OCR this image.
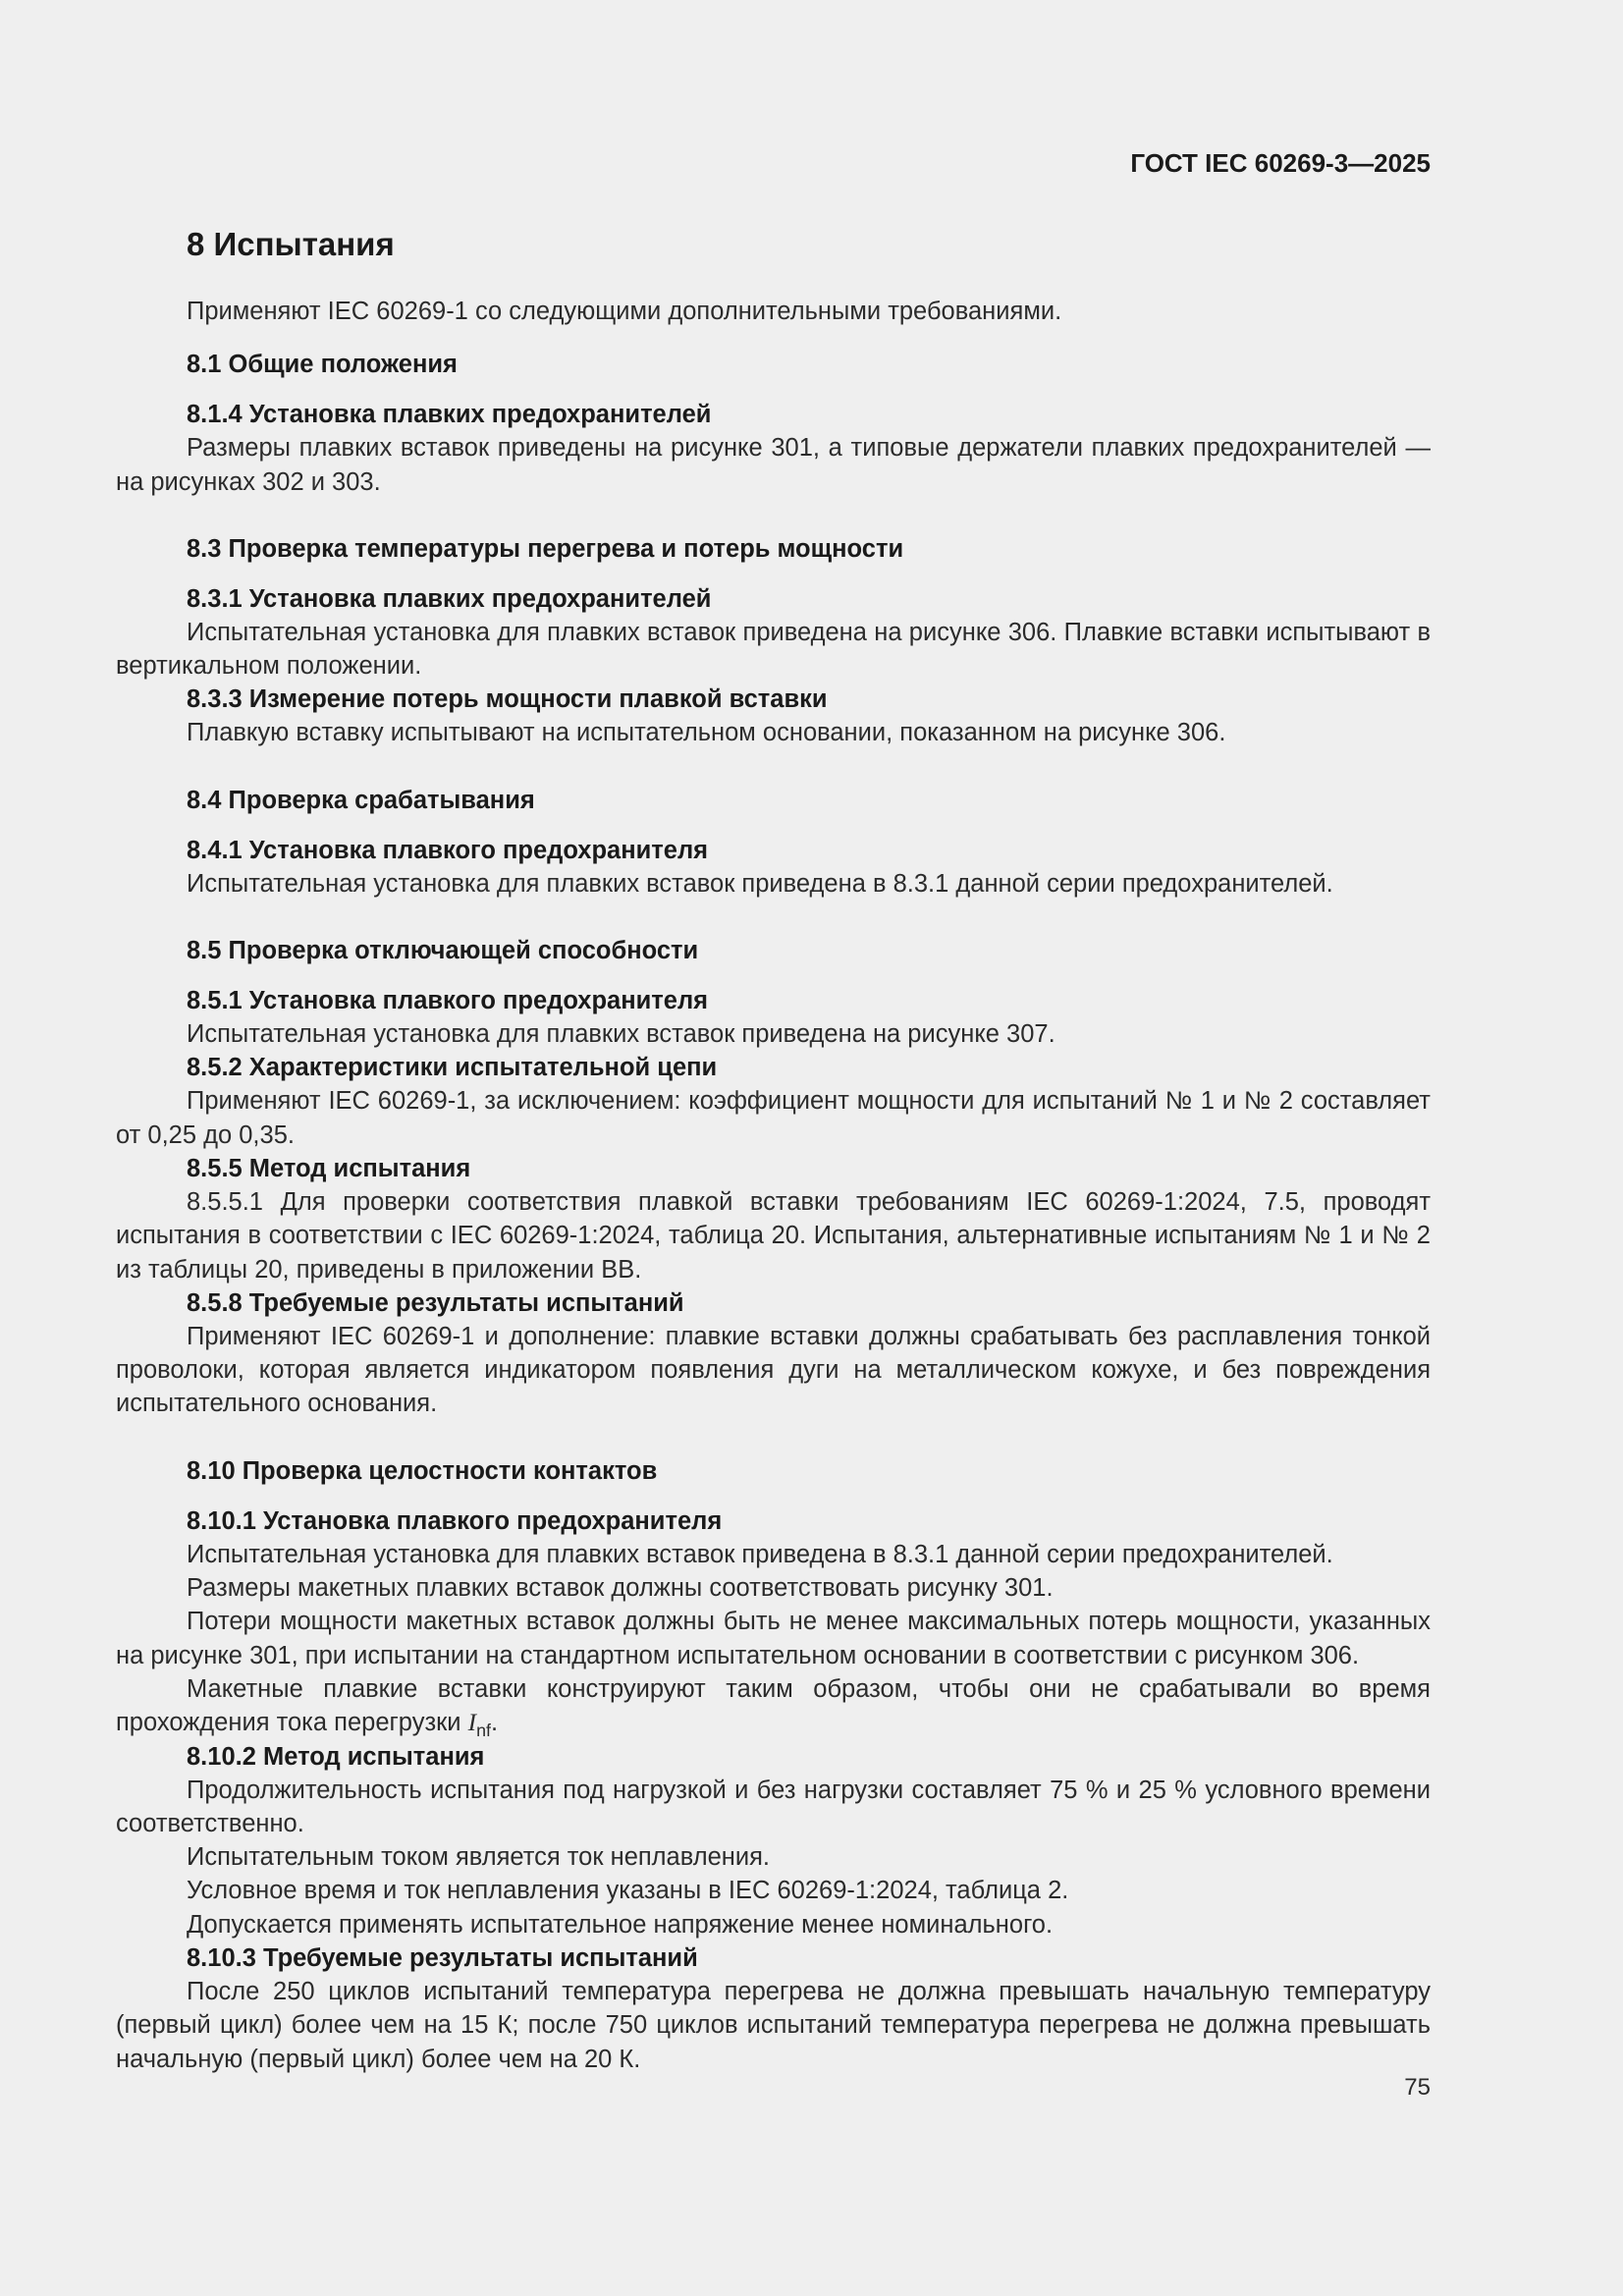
ГОСТ IEC 60269-3—2025
8 Испытания

Применяют IEC 60269-1 со следующими дополнительными требованиями.

8.1 Общие положения
8.1.4 Установка плавких предохранителей

Размеры плавких вставок приведены на рисунке 301, а типовые держатели плавких предохранителей — на рисунках 302 и 303.

8.3 Проверка температуры перегрева и потерь мощности
8.3.1 Установка плавких предохранителей

Испытательная установка для плавких вставок приведена на рисунке 306. Плавкие вставки испытывают в вертикальном положении.

8.3.3 Измерение потерь мощности плавкой вставки

Плавкую вставку испытывают на испытательном основании, показанном на рисунке 306.

8.4 Проверка срабатывания
8.4.1 Установка плавкого предохранителя

Испытательная установка для плавких вставок приведена в 8.3.1 данной серии предохранителей.

8.5 Проверка отключающей способности
8.5.1 Установка плавкого предохранителя

Испытательная установка для плавких вставок приведена на рисунке 307.

8.5.2 Характеристики испытательной цепи

Применяют IEC 60269-1, за исключением: коэффициент мощности для испытаний № 1 и № 2 составляет от 0,25 до 0,35.

8.5.5 Метод испытания

8.5.5.1 Для проверки соответствия плавкой вставки требованиям IEC 60269-1:2024, 7.5, проводят испытания в соответствии с IEC 60269-1:2024, таблица 20. Испытания, альтернативные испытаниям № 1 и № 2 из таблицы 20, приведены в приложении ВВ.

8.5.8 Требуемые результаты испытаний

Применяют IEC 60269-1 и дополнение: плавкие вставки должны срабатывать без расплавления тонкой проволоки, которая является индикатором появления дуги на металлическом кожухе, и без повреждения испытательного основания.

8.10 Проверка целостности контактов
8.10.1 Установка плавкого предохранителя

Испытательная установка для плавких вставок приведена в 8.3.1 данной серии предохранителей.

Размеры макетных плавких вставок должны соответствовать рисунку 301.

Потери мощности макетных вставок должны быть не менее максимальных потерь мощности, указанных на рисунке 301, при испытании на стандартном испытательном основании в соответствии с рисунком 306.

Макетные плавкие вставки конструируют таким образом, чтобы они не срабатывали во время прохождения тока перегрузки $I_{nf}$.

8.10.2 Метод испытания

Продолжительность испытания под нагрузкой и без нагрузки составляет 75 % и 25 % условного времени соответственно.

Испытательным током является ток неплавления.

Условное время и ток неплавления указаны в IEC 60269-1:2024, таблица 2.

Допускается применять испытательное напряжение менее номинального.

8.10.3 Требуемые результаты испытаний

После 250 циклов испытаний температура перегрева не должна превышать начальную температуру (первый цикл) более чем на 15 К; после 750 циклов испытаний температура перегрева не должна превышать начальную (первый цикл) более чем на 20 К.

75
